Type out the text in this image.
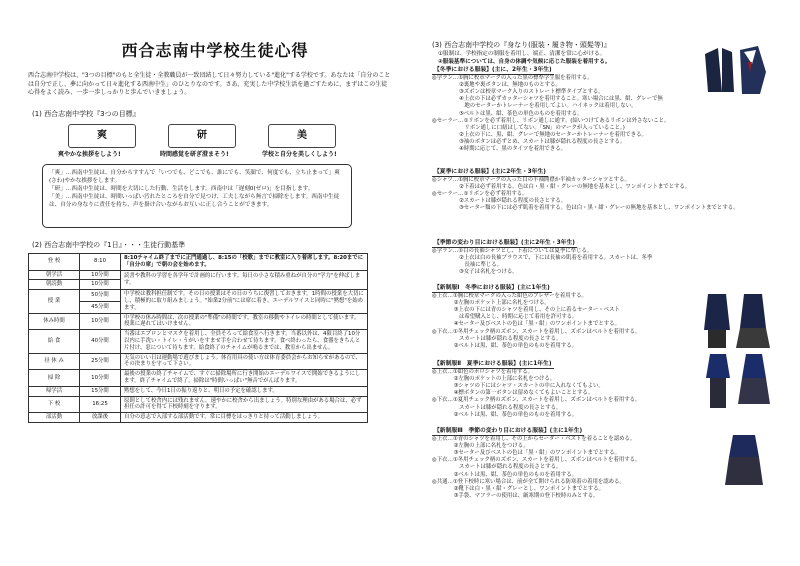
西合志南中学校生徒心得
西合志南中学校は、"3つの目標"のもと全生徒・全教職員が一致団結して日々努力している"進化"する学校です。あなたは「自分のことは自分で正し、夢に向かって日々進化する西南中生」のひとりなのです。さあ、充実した中学校生活を過ごすために、まずはこの生徒心得をよく読み、一歩一歩しっかりと歩んでいきましょう。
(1) 西合志南中学校『3つの目標』
爽
爽やかな挨拶をしよう!
研
時間感覚を研ぎ澄まそう!
美
学校と自分を美しくしよう!

「爽」…西南中生徒は、自分からすすんで「いつでも、どこでも、誰にでも、笑顔で、何度でも、立ち止まって」爽(さわ)やかな挨拶をします。

「研」…西南中生徒は、時間を大切にした行動、生活をします。西南中は「遅刻0(ゼロ)」を目指します。

「美」…西南中生徒は、時間いっぱい汚れたところを自分で見つけ、工夫しながら無言で掃除をします。西南中生徒は、自分の身なりに責任を持ち、声を掛け合いながらお互いに正し合うことができます。

(2) 西合志南中学校の『1日』・・・生徒行動基準
登 校	8:10	8:10チャイム終了までに正門通過し、8:15の「校歌」までに教室に入り着席します。8:20までに「自分の席」で朝の会を始めます。
朝学活	10分間	読書や教科の学習を各学年で計画的に行います。毎日の小さな積み重ねが自分の"学力"を伸ばします。
朝読動	10分間	
授 業	50分間	中学校は教科担任制です。その日の授業はその日のうちに復習しておきます。1時間の授業を大切にし、積極的に取り組みましょう。"始業2分前"には席に着き、エーデルワイスと同時に"黙想"を始めます。
	45分間	
休み時間	10分間	中学校の休み時間は、次の授業の"準備"の時間です。教室の移動やトイレの時間として使います。授業に遅れてはいけません。
給 食	40分間	当番はエプロンとマスクを着用し、全員そろって給食室へ行きます。当番以外は、4限目終了10分以内に手洗い・トイレ・うがいをすませ手を合わせて待ちます。食べ終わったら、食器をきちんと片付け、窓について待ちます。給食終了のチャイムが鳴るまでは、教室から出ません。
昼 休 み	25分間	天気のいい日は運動場で遊びましょう。体育用具の使い方は体育委員会からお知らせがあるので、その決まりを守って下さい。
掃 除	10分間	最後の授業の終了チャイムで、すぐに掃除場所に行き開始のエーデルワイスで開始できるようにします。終了チャイムで終了。掃除は"時間いっぱい"無音でがんばります。
帰学活	15分間	黙想をして、今日1日の振り返りと、明日の予定を確認します。
下 校	16:25	原則として校舎内には残れません。速やかに校舎から出ましょう。特別な理由がある場合は、必ず担任の許可を得て下校時刻を守ります。
部活動	放課後	自分の意志で入部する部活動です。常に目標をはっきりと持って活動しましょう。
(3) 西合志南中学校の『身なり(服装・履き物・頭髪等)』
①服制は、学校指定の制服を着用し、端正、清潔を常に心がける。
②服装基準については、自身の体調や気候に応じた服装を着用する。
【冬季における服装】(主に、2年生・3年生)
◎学ラン…①胸に校章マークの入った黒の標準学生服を着用する。
　　　　　②裏地や裏ボタンは、無地のものとする。
　　　　　③ズボンは校章マーク入りのストレート標準タイプとする。
　　　　　④上衣の下は必ずカッターシャツを着用すること。寒い場合には黒、紺、グレーで無
　　　　　　地のセーターかトレーナーを着用してよい。ハイネックは着用しない。
　　　　　⑤ベルトは黒、紺、茶色の単色のものを着用する。
◎セーラー…①リボンを必ず着用し、リボン通しに通す。(結いつけてあるリボンは外さないこと。
　　　　　　リボン通しに口紐はしてない。「SN」のマークが入っていること。)
　　　　　②上衣の下に、黒、紺、グレーで無地のセーターかトレーナーを着用できる。
　　　　　③袖のボタンは必ずとめ、スカートは膝が隠れる程度の長さとする。
　　　　　④時期に応じて、黒のタイツを着用できる。
【夏季における服装】(主に2年生・3年生)
◎シャツ…①胸に校章マークの入った白の半袖開襟か半袖カッターシャツとする。
　　　　　②下着は必ず着用する。色は白・黒・紺・グレーの無地を基本とし、ワンポイントまでとする。
◎セーラー…①リボンを必ず着用する。
　　　　　②スカートは膝が隠れる程度の長さとする。
　　　　　③セーター類の下には必ず肌着を着用する。色は白・黒・紺・グレーの無地を基本とし、ワンポイントまでとする。
【季節の変わり目における服装】(主に2年生・3年生)
◎学ラン…①白の長袖シャツとし、下着については夏季に準じる。
　　　　　②上衣は白の長袖ブラウスで、下には長袖の肌着を着用する。スカートは、冬季
　　　　　　長袖に準じる。
　　　　　③女子は名札をつける。
【新制服Ⅰ　冬季における服装】(主に1年生)
◎上衣…①胸に校章マークの入った紺色のブレザーを着用する。
　　　　②左胸のポケット上部に名札をつける。
　　　　③上衣の下には青のシャツを着用し、その上に着るセーター・ベスト
　　　　　は希望購入とし、時期に応じて着用を許可する。
　　　　④セーター及びベストの色は「黒・紺」のワンポイントまでとする。
◎下衣…①冬用チェック柄のズボン、スカートを着用し、ズボンはベルトを着用する。
　　　　　スカートは膝が隠れる程度の長さとする。
　　　　②ベルトは黒、紺、茶色の単色のものを着用する。
【新制服Ⅱ　夏季における服装】(主に1年生)
◎上衣…①紺色のポロシャツを着用する。
　　　　②左胸のポケットの上部に名札をつける。
　　　　③シャツの下にはシャツ・スカートの中に入れなくてもよい。
　　　　④標ボタンの第一ボタンは留めなくてもよいこととする。
◎下衣…①夏用チェック柄のズボン、スカートを着用し、ズボンはベルトを着用する。
　　　　　スカートは膝が隠れる程度の長さとする。
　　　　②ベルトは黒、紺、茶色の単色のものを着用する。
【新制服Ⅲ　季節の変わり目における服装】(主に1年生)
◎上衣…①青のシャツを着用し、その上からセーター・ベストを着ることを認める。
　　　　②左胸の上部に名札をつける。
　　　　③セーター及びベストの色は「黒・紺」のワンポイントまでとする。
◎下衣…①冬用チェック柄のズボン、スカートを着用し、ズボンはベルトを着用する。
　　　　　スカートは膝が隠れる程度の長さとする。
　　　　②ベルトは黒、紺、茶色の単色のものを着用する。
◎共通…①登下校時に寒い場合は、前が全て開けられる防寒着の着用を認める。
　　　　②靴下は白・黒・紺・グレーとし、ワンポイントまでとする。
　　　　③手袋、マフラーの使用は、厳寒期の登下校時のみとする。
